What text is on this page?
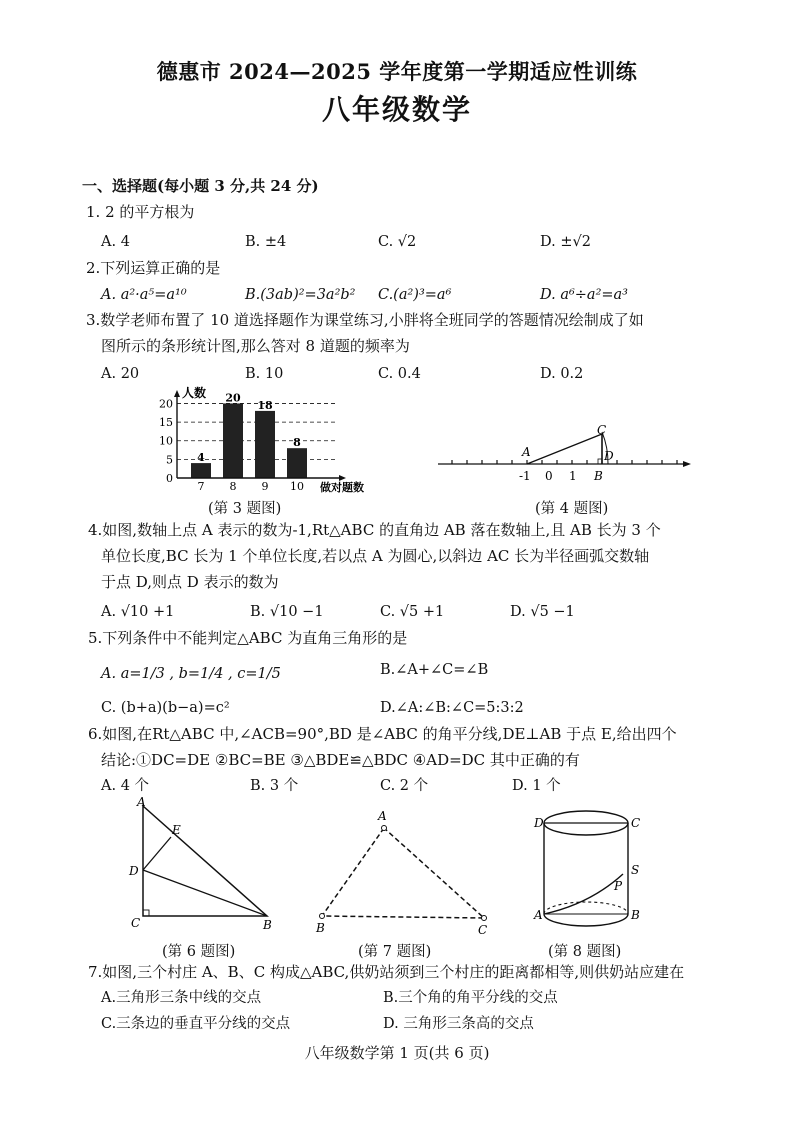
德惠市 2024—2025 学年度第一学期适应性训练
八年级数学
一、选择题(每小题 3 分,共 24 分)
1. 2 的平方根为
A. 4	B. ±4	C. √2	D. ±√2
2.下列运算正确的是
A. a²·a⁵=a¹⁰	B.(3ab)²=3a²b² C.(a²)³=a⁶	D. a⁶÷a²=a³
3.数学老师布置了 10 道选择题作为课堂练习,小胖将全班同学的答题情况绘制成了如
图所示的条形统计图,那么答对 8 道题的频率为
A. 20	B. 10	C. 0.4	D. 0.2
0
5
10
15
20
4
7
20
8
18
9
8
10
人数
做对题数
(第 3 题图)
A
C
D
B
-1 0 1
(第 4 题图)
4.如图,数轴上点 A 表示的数为-1,Rt△ABC 的直角边 AB 落在数轴上,且 AB 长为 3 个
单位长度,BC 长为 1 个单位长度,若以点 A 为圆心,以斜边 AC 长为半径画弧交数轴
于点 D,则点 D 表示的数为
A. √10 +1	B. √10 −1	C. √5 +1	D. √5 −1
5.下列条件中不能判定△ABC 为直角三角形的是
A. a=1/3 , b=1/4 , c=1/5	B.∠A+∠C=∠B
C. (b+a)(b−a)=c²	D.∠A:∠B:∠C=5:3:2
6.如图,在Rt△ABC 中,∠ACB=90°,BD 是∠ABC 的角平分线,DE⊥AB 于点 E,给出四个
结论:①DC=DE ②BC=BE ③△BDE≌△BDC ④AD=DC 其中正确的有
A. 4 个	B. 3 个	C. 2 个	D. 1 个
A
E
D
C	B
(第 6 题图)
A
B	C
(第 7 题图)
D	C
P
S
A	B
(第 8 题图)
7.如图,三个村庄 A、B、C 构成△ABC,供奶站须到三个村庄的距离都相等,则供奶站应建在
A.三角形三条中线的交点	B.三个角的角平分线的交点
C.三条边的垂直平分线的交点	D. 三角形三条高的交点
八年级数学第 1 页(共 6 页)
